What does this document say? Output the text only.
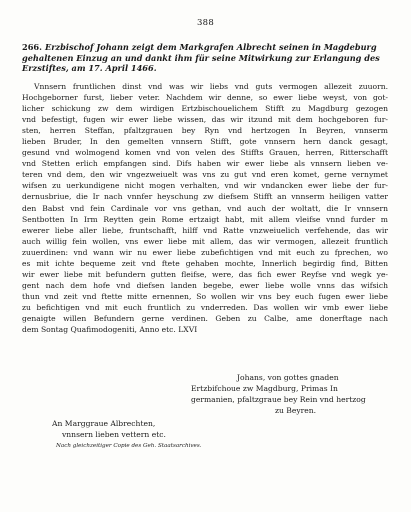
388
266. Erzbischof Johann zeigt dem Markgrafen Albrecht seinen in Magdeburg gehaltenen Einzug an und dankt ihm für seine Mitwirkung zur Erlangung des Erzstiftes, am 17. April 1466.
Vnnsern fruntlichen dinst vnd was wir liebs vnd guts vermogen allezeit zuuorn.
Hochgeborner furst, lieber veter. Nachdem wir denne, so ewer liebe weyst, von got-
licher schickung zw dem wirdigen Ertzbischouelichem Stifft zu Magdburg gezogen
vnd befestigt, fugen wir ewer liebe wissen, das wir itzund mit dem hochgeboren fur-
sten, herren Steffan, pfaltzgrauen bey Ryn vnd hertzogen In Beyren, vnnserm
lieben Bruder, In den gemelten vnnsern Stifft, gote vnnsern hern danck gesagt,
gesund vnd wolmogend komen vnd von velen des Stiffts Grauen, herren, Ritterschafft
vnd Stetten erlich empfangen sind. Difs haben wir ewer liebe als vnnsern lieben ve-
teren vnd dem, den wir vngezweiuelt was vns zu gut vnd eren komet, gerne vernymet
wifsen zu uerkundigene nicht mogen verhalten, vnd wir vndancken ewer liebe der fur-
dernusbriue, die Ir nach vnnfer heyschung zw diefsem Stifft an vnnserm heiligen vatter
den Babst vnd fein Cardinale vor vns gethan, vnd auch der woltatt, die Ir vnnsern
Sentbotten In Irm Reytten gein Rome ertzaigt habt, mit allem vleifse vnnd furder m
ewerer liebe aller liebe, fruntschafft, hilff vnd Ratte vnzweiuelich verfehende, das wir
auch willig fein wollen, vns ewer liebe mit allem, das wir vermogen, allezeit fruntlich
zuuerdinen: vnd wann wir nu ewer liebe zubefichtigen vnd mit euch zu fprechen, wo
es mit ichte bequeme zeit vnd ftete gehaben mochte, Innerlich begirdig find, Bitten
wir ewer liebe mit befundern gutten fleifse, were, das fich ewer Reyfse vnd wegk ye-
gent nach dem hofe vnd diefsen landen begebe, ewer liebe wolle vnns das wifsich
thun vnd zeit vnd ftette mitte ernennen, So wollen wir vns bey euch fugen ewer liebe
zu befichtigen vnd mit euch fruntlich zu vnderreden. Das wollen wir vmb ewer liebe
genaigte willen Befundern gerne verdinen. Geben zu Calbe, ame donerftage nach
dem Sontag Quafimodogeniti, Anno etc. LXVI
Johans, von gottes gnaden
Ertzbifchoue zw Magdburg, Primas In
germanien, pfaltzgraue bey Rein vnd hertzog
zu Beyren.
An Marggraue Albrechten,
vnnsern lieben vettern etc.
Nach gleichzeitiger Copie des Geh. Staatsarchives.
